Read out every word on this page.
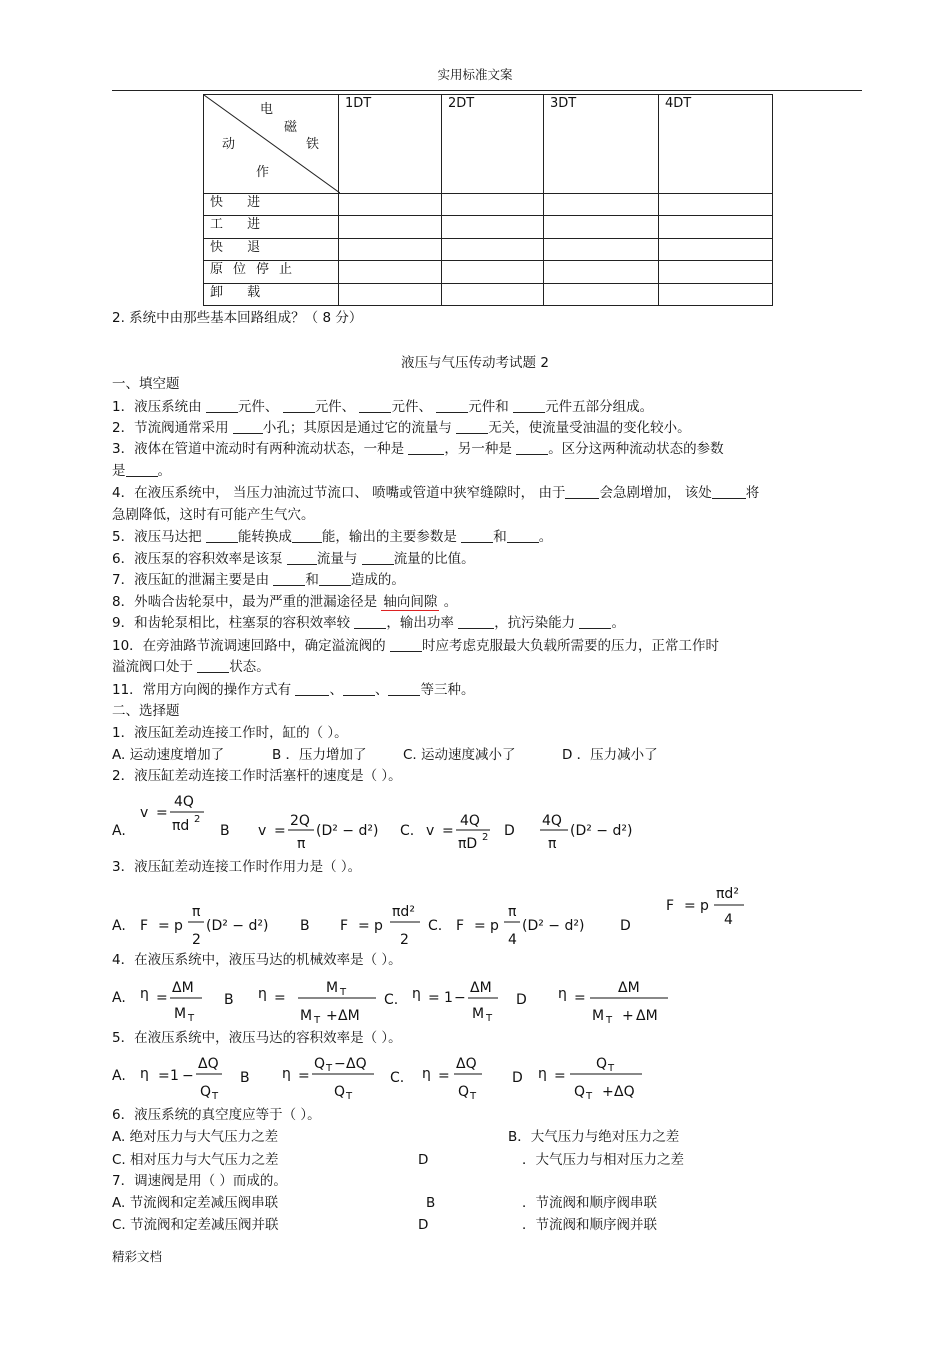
实用标准文案
电
磁
铁
动
作	1DT	2DT	3DT	4DT
快 进				
工 进				
快 退				
原位停止				
卸 载				
2. 系统中由那些基本回路组成？（ 8 分）
液压与气压传动考试题 2
一、填空题
1．液压系统由	元件、	元件、	元件、	元件和	元件五部分组成。
2．节流阀通常采用	小孔；其原因是通过它的流量与	无关，使流量受油温的变化较小。
3．液体在管道中流动时有两种流动状态，一种是	，另一种是	。区分这两种流动状态的参数
是 。
4．在液压系统中， 当压力油流过节流口、 喷嘴或管道中狭窄缝隙时， 由于	会急剧增加， 该处	将
急剧降低，这时有可能产生气穴。
5．液压马达把	能转换成 能，输出的主要参数是	和 。
6．液压泵的容积效率是该泵	流量与	流量的比值。
7．液压缸的泄漏主要是由	和 造成的。
8．外啮合齿轮泵中，最为严重的泄漏途径是 轴向间隙 。
9．和齿轮泵相比，柱塞泵的容积效率较	，输出功率	，抗污染能力	。
10．在旁油路节流调速回路中，确定溢流阀的	时应考虑克服最大负载所需要的压力，正常工作时
溢流阀口处于	状态。
11．常用方向阀的操作方式有	、 、 等三种。
二、选择题
1．液压缸差动连接工作时，缸的（ ）。
A. 运动速度增加了	B ．压力增加了	C. 运动速度减小了	D ．压力减小了
2．液压缸差动连接工作时活塞杆的速度是（ ）。
A.
v =
4Q
πd 2
B v =
2Q
π
(D² − d²) C. v =
4Q
πD 2 D
4Q
π
(D² − d²)
3．液压缸差动连接工作时作用力是（ ）。
A. F = p
π
2
(D² − d²) B F = p
πd²
2
C. F = p
π
4
(D² − d²)	D
F = p
πd²
4
4．在液压系统中，液压马达的机械效率是（ ）。
A. η =
ΔM
M T
B η =
M T
M T + ΔM
C. η = 1 −
ΔM
M T
D η =
ΔM
M T + ΔM
5．在液压系统中，液压马达的容积效率是（ ）。
A. η = 1 −
ΔQ
Q T
B η =
Q T − ΔQ
Q T
C. η =
ΔQ
Q T
D η =
Q T
Q T + ΔQ
6．液压系统的真空度应等于（ ）。
A. 绝对压力与大气压力之差	B．大气压力与绝对压力之差
C. 相对压力与大气压力之差	D	．大气压力与相对压力之差
7．调速阀是用（ ）而成的。
A. 节流阀和定差减压阀串联	B	．节流阀和顺序阀串联
C. 节流阀和定差减压阀并联	D	．节流阀和顺序阀并联
精彩文档
